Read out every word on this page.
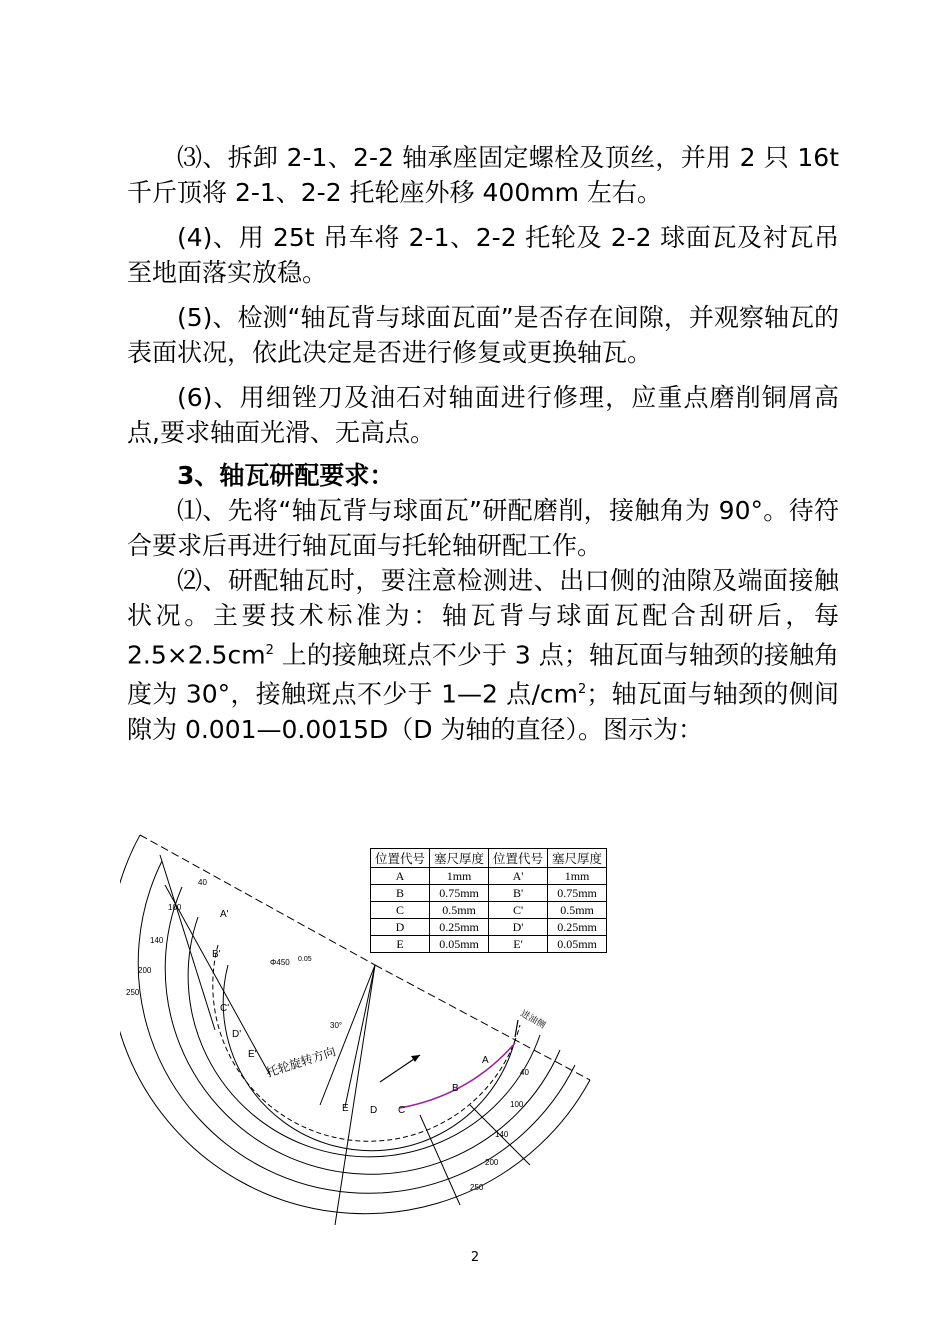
⑶、拆卸 2-1、2-2 轴承座固定螺栓及顶丝，并用 2 只 16t 千斤顶将 2-1、2-2 托轮座外移 400mm 左右。

(4)、用 25t 吊车将 2-1、2-2 托轮及 2-2 球面瓦及衬瓦吊至地面落实放稳。

(5)、检测“轴瓦背与球面瓦面”是否存在间隙，并观察轴瓦的表面状况，依此决定是否进行修复或更换轴瓦。

(6)、用细锉刀及油石对轴面进行修理，应重点磨削铜屑高点,要求轴面光滑、无高点。

3、轴瓦研配要求：

⑴、先将“轴瓦背与球面瓦”研配磨削，接触角为 90°。待符合要求后再进行轴瓦面与托轮轴研配工作。

⑵、研配轴瓦时，要注意检测进、出口侧的油隙及端面接触状况。主要技术标准为：轴瓦背与球面瓦配合刮研后，每 $2.5\times 2.5cm^2$ 上的接触斑点不少于 3 点；轴瓦面与轴颈的接触角度为 30°，接触斑点不少于 1—2 点$/cm^2$；轴瓦面与轴颈的侧间隙为 0.001—0.0015D（D 为轴的直径）。图示为：

A'
B'
C'
D'
E'
A
B
C
D
E
40
100
140
200
250
40
100
140
200
250
Φ450 0.05
30°
托轮旋转方向
进油侧
位置代号	塞尺厚度	位置代号	塞尺厚度
A	1mm	A'	1mm
B	0.75mm	B'	0.75mm
C	0.5mm	C'	0.5mm
D	0.25mm	D'	0.25mm
E	0.05mm	E'	0.05mm
2
